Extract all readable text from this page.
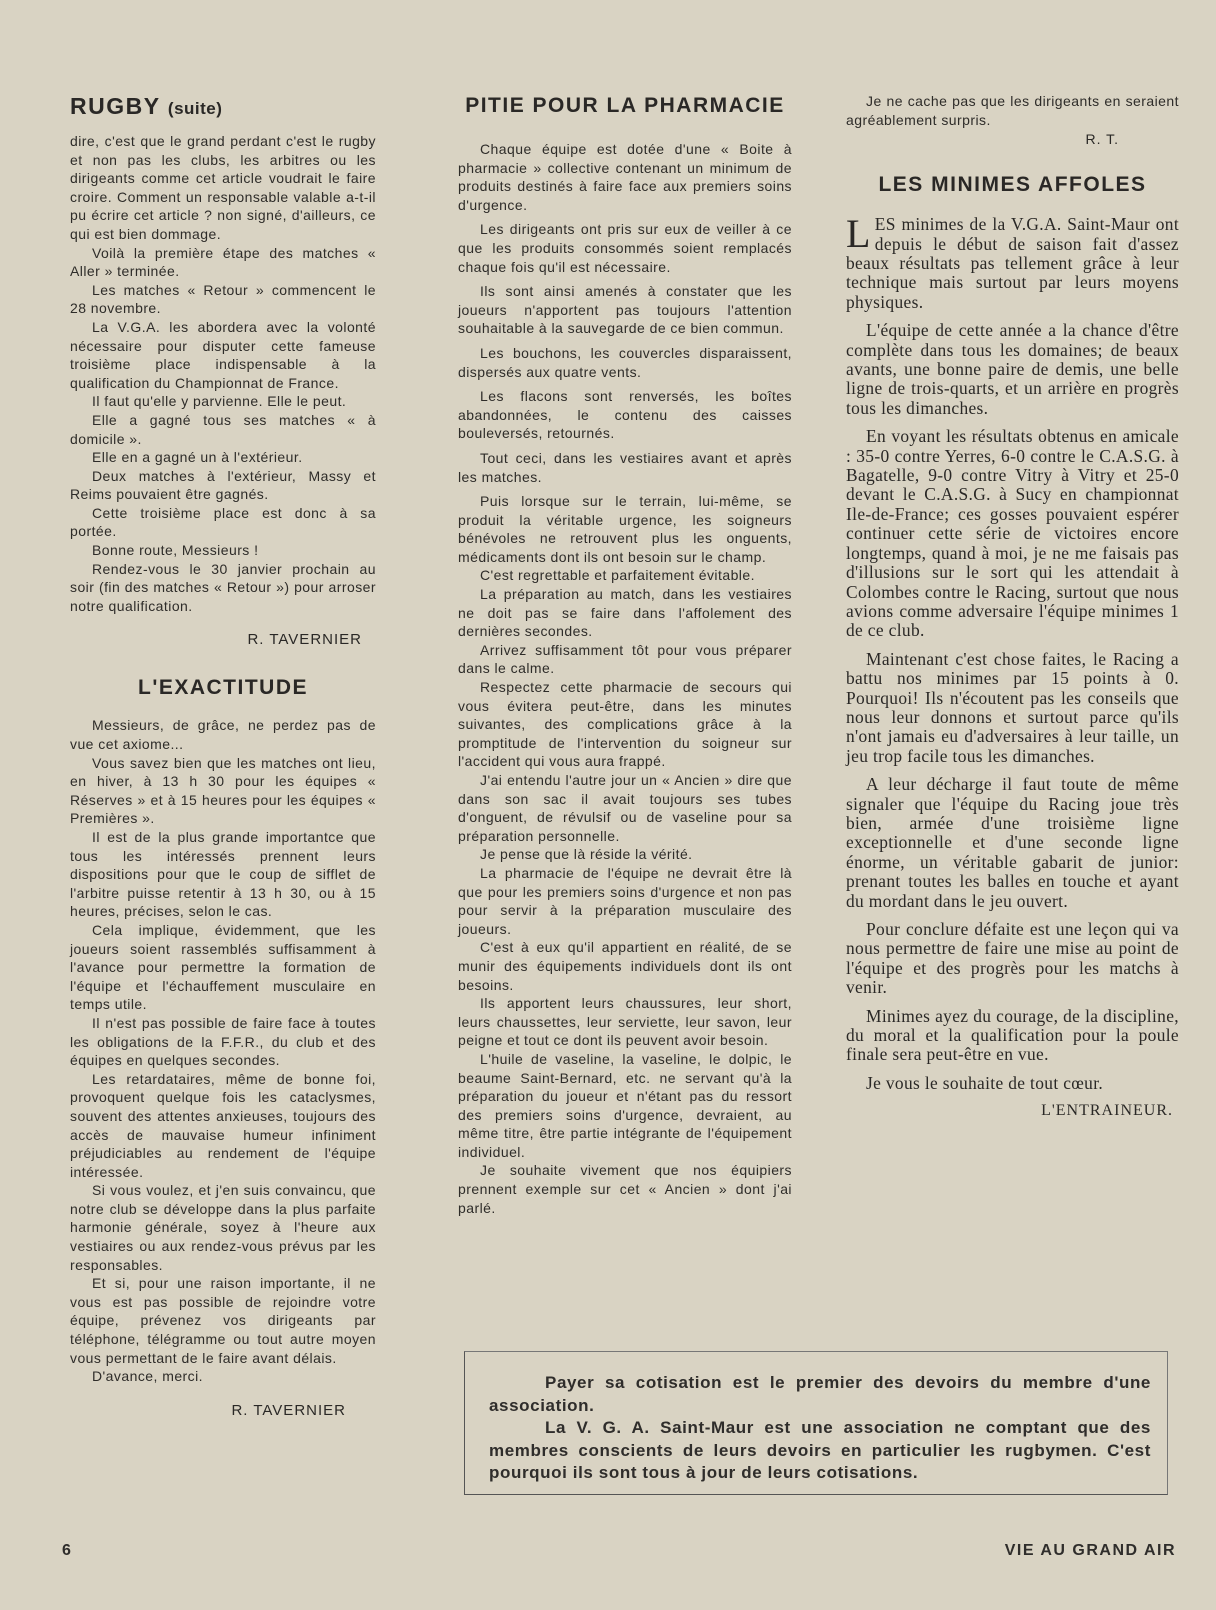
RUGBY (suite)

dire, c'est que le grand perdant c'est le rugby et non pas les clubs, les arbitres ou les dirigeants comme cet article voudrait le faire croire. Comment un responsable valable a-t-il pu écrire cet article ? non signé, d'ailleurs, ce qui est bien dommage.

Voilà la première étape des matches « Aller » terminée.

Les matches « Retour » commencent le 28 novembre.

La V.G.A. les abordera avec la volonté nécessaire pour disputer cette fameuse troisième place indispensable à la qualification du Championnat de France.

Il faut qu'elle y parvienne. Elle le peut.

Elle a gagné tous ses matches « à domicile ».

Elle en a gagné un à l'extérieur.

Deux matches à l'extérieur, Massy et Reims pouvaient être gagnés.

Cette troisième place est donc à sa portée.

Bonne route, Messieurs !

Rendez-vous le 30 janvier prochain au soir (fin des matches « Retour ») pour arroser notre qualification.

R. TAVERNIER
L'EXACTITUDE

Messieurs, de grâce, ne perdez pas de vue cet axiome...

Vous savez bien que les matches ont lieu, en hiver, à 13 h 30 pour les équipes « Réserves » et à 15 heures pour les équipes « Premières ».

Il est de la plus grande importantce que tous les intéressés prennent leurs dispositions pour que le coup de sifflet de l'arbitre puisse retentir à 13 h 30, ou à 15 heures, précises, selon le cas.

Cela implique, évidemment, que les joueurs soient rassemblés suffisamment à l'avance pour permettre la formation de l'équipe et l'échauffement musculaire en temps utile.

Il n'est pas possible de faire face à toutes les obligations de la F.F.R., du club et des équipes en quelques secondes.

Les retardataires, même de bonne foi, provoquent quelque fois les cataclysmes, souvent des attentes anxieuses, toujours des accès de mauvaise humeur infiniment préjudiciables au rendement de l'équipe intéressée.

Si vous voulez, et j'en suis convaincu, que notre club se développe dans la plus parfaite harmonie générale, soyez à l'heure aux vestiaires ou aux rendez-vous prévus par les responsables.

Et si, pour une raison importante, il ne vous est pas possible de rejoindre votre équipe, prévenez vos dirigeants par téléphone, télégramme ou tout autre moyen vous permettant de le faire avant délais.

D'avance, merci.

R. TAVERNIER
PITIE POUR LA PHARMACIE

Chaque équipe est dotée d'une « Boite à pharmacie » collective contenant un minimum de produits destinés à faire face aux premiers soins d'urgence.

Les dirigeants ont pris sur eux de veiller à ce que les produits consommés soient remplacés chaque fois qu'il est nécessaire.

Ils sont ainsi amenés à constater que les joueurs n'apportent pas toujours l'attention souhaitable à la sauvegarde de ce bien commun.

Les bouchons, les couvercles disparaissent, dispersés aux quatre vents.

Les flacons sont renversés, les boîtes abandonnées, le contenu des caisses bouleversés, retournés.

Tout ceci, dans les vestiaires avant et après les matches.

Puis lorsque sur le terrain, lui-même, se produit la véritable urgence, les soigneurs bénévoles ne retrouvent plus les onguents, médicaments dont ils ont besoin sur le champ.

C'est regrettable et parfaitement évitable.

La préparation au match, dans les vestiaires ne doit pas se faire dans l'affolement des dernières secondes.

Arrivez suffisamment tôt pour vous préparer dans le calme.

Respectez cette pharmacie de secours qui vous évitera peut-être, dans les minutes suivantes, des complications grâce à la promptitude de l'intervention du soigneur sur l'accident qui vous aura frappé.

J'ai entendu l'autre jour un « Ancien » dire que dans son sac il avait toujours ses tubes d'onguent, de révulsif ou de vaseline pour sa préparation personnelle.

Je pense que là réside la vérité.

La pharmacie de l'équipe ne devrait être là que pour les premiers soins d'urgence et non pas pour servir à la préparation musculaire des joueurs.

C'est à eux qu'il appartient en réalité, de se munir des équipements individuels dont ils ont besoins.

Ils apportent leurs chaussures, leur short, leurs chaussettes, leur serviette, leur savon, leur peigne et tout ce dont ils peuvent avoir besoin.

L'huile de vaseline, la vaseline, le dolpic, le beaume Saint-Bernard, etc. ne servant qu'à la préparation du joueur et n'étant pas du ressort des premiers soins d'urgence, devraient, au même titre, être partie intégrante de l'équipement individuel.

Je souhaite vivement que nos équipiers prennent exemple sur cet « Ancien » dont j'ai parlé.

Je ne cache pas que les dirigeants en seraient agréablement surpris.

R. T.
LES MINIMES AFFOLES

LES minimes de la V.G.A. Saint-Maur ont depuis le début de saison fait d'assez beaux résultats pas tellement grâce à leur technique mais surtout par leurs moyens physiques.

L'équipe de cette année a la chance d'être complète dans tous les domaines; de beaux avants, une bonne paire de demis, une belle ligne de trois-quarts, et un arrière en progrès tous les dimanches.

En voyant les résultats obtenus en amicale : 35-0 contre Yerres, 6-0 contre le C.A.S.G. à Bagatelle, 9-0 contre Vitry à Vitry et 25-0 devant le C.A.S.G. à Sucy en championnat Ile-de-France; ces gosses pouvaient espérer continuer cette série de victoires encore longtemps, quand à moi, je ne me faisais pas d'illusions sur le sort qui les attendait à Colombes contre le Racing, surtout que nous avions comme adversaire l'équipe minimes 1 de ce club.

Maintenant c'est chose faites, le Racing a battu nos minimes par 15 points à 0. Pourquoi! Ils n'écoutent pas les conseils que nous leur donnons et surtout parce qu'ils n'ont jamais eu d'adversaires à leur taille, un jeu trop facile tous les dimanches.

A leur décharge il faut toute de même signaler que l'équipe du Racing joue très bien, armée d'une troisième ligne exceptionnelle et d'une seconde ligne énorme, un véritable gabarit de junior: prenant toutes les balles en touche et ayant du mordant dans le jeu ouvert.

Pour conclure défaite est une leçon qui va nous permettre de faire une mise au point de l'équipe et des progrès pour les matchs à venir.

Minimes ayez du courage, de la discipline, du moral et la qualification pour la poule finale sera peut-être en vue.

Je vous le souhaite de tout cœur.

L'ENTRAINEUR.

Payer sa cotisation est le premier des devoirs du membre d'une association.

La V. G. A. Saint-Maur est une association ne comptant que des membres conscients de leurs devoirs en particulier les rugbymen. C'est pourquoi ils sont tous à jour de leurs cotisations.

6	VIE AU GRAND AIR
